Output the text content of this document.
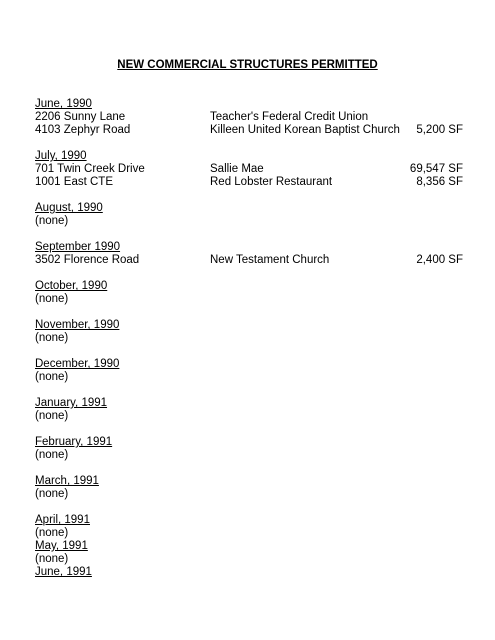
NEW COMMERCIAL STRUCTURES PERMITTED
June, 1990
2206 Sunny Lane	Teacher's Federal Credit Union
4103 Zephyr Road	Killeen United Korean Baptist Church 5,200 SF
July, 1990
701 Twin Creek Drive	Sallie Mae	69,547 SF
1001 East CTE	Red Lobster Restaurant	8,356 SF
August, 1990
(none)
September 1990
3502 Florence Road	New Testament Church	2,400 SF
October, 1990
(none)
November, 1990
(none)
December, 1990
(none)
January, 1991
(none)
February, 1991
(none)
March, 1991
(none)
April, 1991
(none)
May, 1991
(none)
June, 1991
